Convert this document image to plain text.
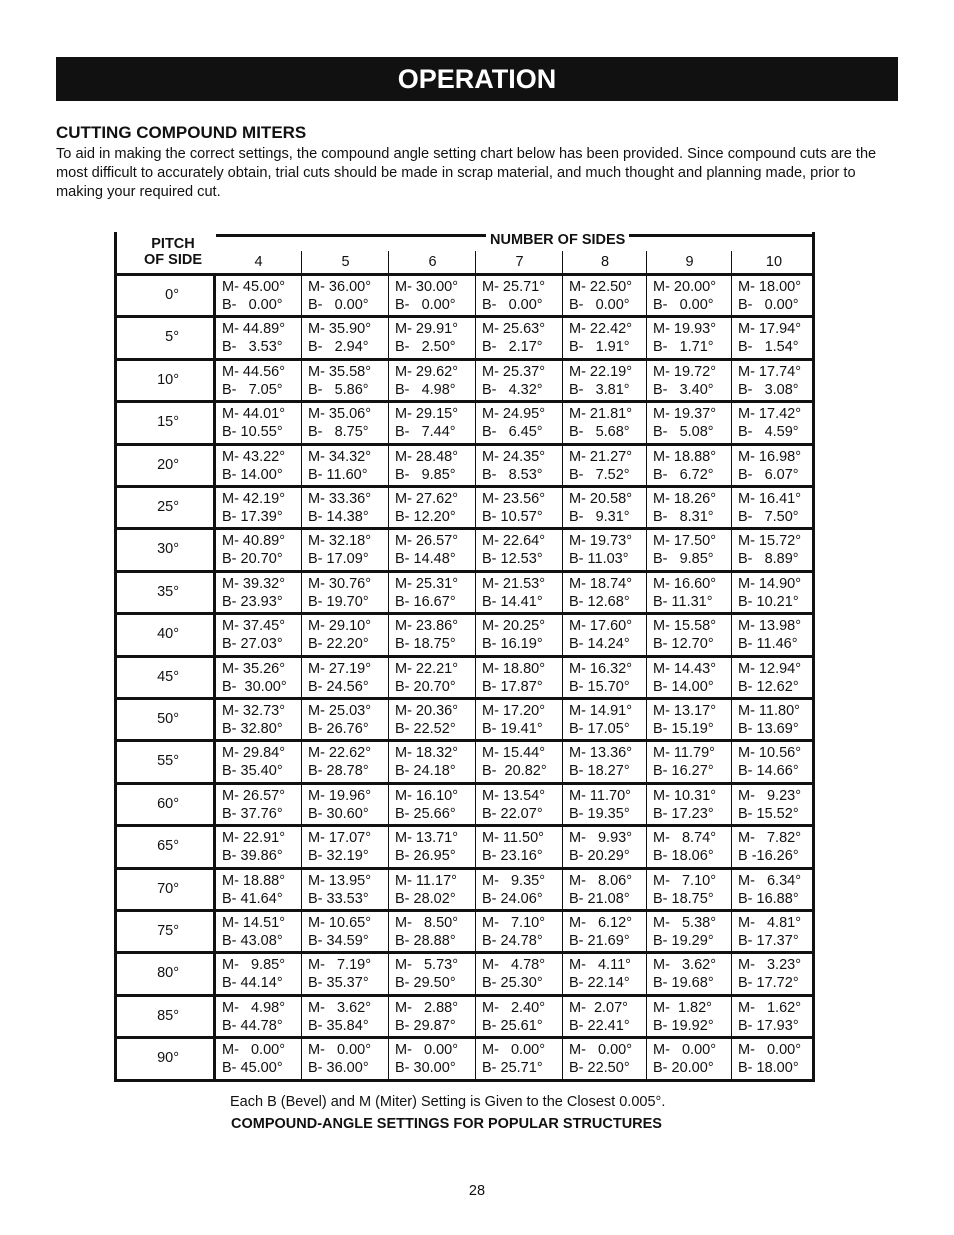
OPERATION
CUTTING COMPOUND MITERS
To aid in making the correct settings, the compound angle setting chart below has been provided. Since compound cuts are the most difficult to accurately obtain, trial cuts should be made in scrap material, and much thought and planning made, prior to making your required cut.
PITCH
OF SIDE
NUMBER OF SIDES
4	5	6	7	8	9	10
0°	M- 45.00°
B-   0.00°
M- 36.00°
B-   0.00°
M- 30.00°
B-   0.00°
M- 25.71°
B-   0.00°
M- 22.50°
B-   0.00°
M- 20.00°
B-   0.00°
M- 18.00°
B-   0.00°
5°	M- 44.89°
B-   3.53°
M- 35.90°
B-   2.94°
M- 29.91°
B-   2.50°
M- 25.63°
B-   2.17°
M- 22.42°
B-   1.91°
M- 19.93°
B-   1.71°
M- 17.94°
B-   1.54°
10°	M- 44.56°
B-   7.05°
M- 35.58°
B-   5.86°
M- 29.62°
B-   4.98°
M- 25.37°
B-   4.32°
M- 22.19°
B-   3.81°
M- 19.72°
B-   3.40°
M- 17.74°
B-   3.08°
15°	M- 44.01°
B- 10.55°
M- 35.06°
B-   8.75°
M- 29.15°
B-   7.44°
M- 24.95°
B-   6.45°
M- 21.81°
B-   5.68°
M- 19.37°
B-   5.08°
M- 17.42°
B-   4.59°
20°	M- 43.22°
B- 14.00°
M- 34.32°
B- 11.60°
M- 28.48°
B-   9.85°
M- 24.35°
B-   8.53°
M- 21.27°
B-   7.52°
M- 18.88°
B-   6.72°
M- 16.98°
B-   6.07°
25°	M- 42.19°
B- 17.39°
M- 33.36°
B- 14.38°
M- 27.62°
B- 12.20°
M- 23.56°
B- 10.57°
M- 20.58°
B-   9.31°
M- 18.26°
B-   8.31°
M- 16.41°
B-   7.50°
30°	M- 40.89°
B- 20.70°
M- 32.18°
B- 17.09°
M- 26.57°
B- 14.48°
M- 22.64°
B- 12.53°
M- 19.73°
B- 11.03°
M- 17.50°
B-   9.85°
M- 15.72°
B-   8.89°
35°	M- 39.32°
B- 23.93°
M- 30.76°
B- 19.70°
M- 25.31°
B- 16.67°
M- 21.53°
B- 14.41°
M- 18.74°
B- 12.68°
M- 16.60°
B- 11.31°
M- 14.90°
B- 10.21°
40°	M- 37.45°
B- 27.03°
M- 29.10°
B- 22.20°
M- 23.86°
B- 18.75°
M- 20.25°
B- 16.19°
M- 17.60°
B- 14.24°
M- 15.58°
B- 12.70°
M- 13.98°
B- 11.46°
45°	M- 35.26°
B-  30.00°
M- 27.19°
B- 24.56°
M- 22.21°
B- 20.70°
M- 18.80°
B- 17.87°
M- 16.32°
B- 15.70°
M- 14.43°
B- 14.00°
M- 12.94°
B- 12.62°
50°	M- 32.73°
B- 32.80°
M- 25.03°
B- 26.76°
M- 20.36°
B- 22.52°
M- 17.20°
B- 19.41°
M- 14.91°
B- 17.05°
M- 13.17°
B- 15.19°
M- 11.80°
B- 13.69°
55°	M- 29.84°
B- 35.40°
M- 22.62°
B- 28.78°
M- 18.32°
B- 24.18°
M- 15.44°
B-  20.82°
M- 13.36°
B- 18.27°
M- 11.79°
B- 16.27°
M- 10.56°
B- 14.66°
60°	M- 26.57°
B- 37.76°
M- 19.96°
B- 30.60°
M- 16.10°
B- 25.66°
M- 13.54°
B- 22.07°
M- 11.70°
B- 19.35°
M- 10.31°
B- 17.23°
M-   9.23°
B- 15.52°
65°	M- 22.91°
B- 39.86°
M- 17.07°
B- 32.19°
M- 13.71°
B- 26.95°
M- 11.50°
B- 23.16°
M-   9.93°
B- 20.29°
M-   8.74°
B- 18.06°
M-   7.82°
B -16.26°
70°	M- 18.88°
B- 41.64°
M- 13.95°
B- 33.53°
M- 11.17°
B- 28.02°
M-   9.35°
B- 24.06°
M-   8.06°
B- 21.08°
M-   7.10°
B- 18.75°
M-   6.34°
B- 16.88°
75°	M- 14.51°
B- 43.08°
M- 10.65°
B- 34.59°
M-   8.50°
B- 28.88°
M-   7.10°
B- 24.78°
M-   6.12°
B- 21.69°
M-   5.38°
B- 19.29°
M-   4.81°
B- 17.37°
80°	M-   9.85°
B- 44.14°
M-   7.19°
B- 35.37°
M-   5.73°
B- 29.50°
M-   4.78°
B- 25.30°
M-   4.11°
B- 22.14°
M-   3.62°
B- 19.68°
M-   3.23°
B- 17.72°
85°	M-   4.98°
B- 44.78°
M-   3.62°
B- 35.84°
M-   2.88°
B- 29.87°
M-   2.40°
B- 25.61°
M-  2.07°
B- 22.41°
M-  1.82°
B- 19.92°
M-   1.62°
B- 17.93°
90°	M-   0.00°
B- 45.00°
M-   0.00°
B- 36.00°
M-   0.00°
B- 30.00°
M-   0.00°
B- 25.71°
M-   0.00°
B- 22.50°
M-   0.00°
B- 20.00°
M-   0.00°
B- 18.00°
Each B (Bevel) and M (Miter) Setting is Given to the Closest 0.005°.
COMPOUND-ANGLE SETTINGS FOR POPULAR STRUCTURES
28
